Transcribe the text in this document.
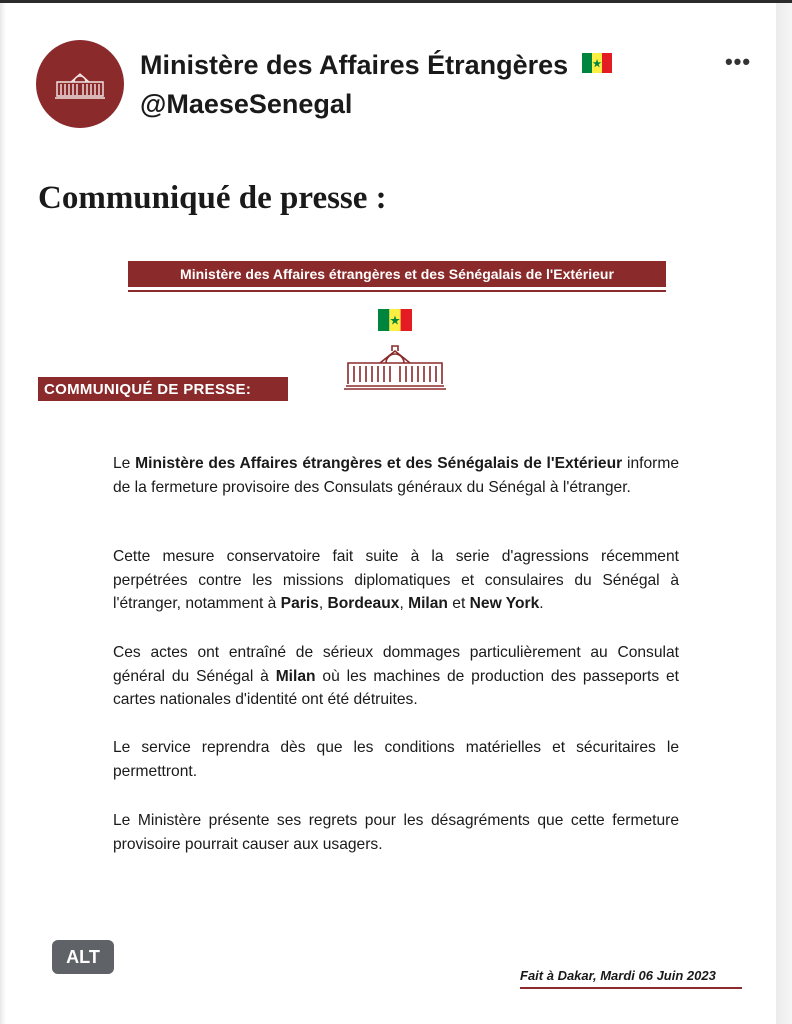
Ministère des Affaires Étrangères
@MaeseSenegal
•••
Communiqué de presse :
Ministère des Affaires étrangères et des Sénégalais de l'Extérieur
COMMUNIQUÉ DE PRESSE:
Le Ministère des Affaires étrangères et des Sénégalais de l'Extérieur informe de la fermeture provisoire des Consulats généraux du Sénégal à l'étranger.
Cette mesure conservatoire fait suite à la serie d'agressions récemment perpétrées contre les missions diplomatiques et consulaires du Sénégal à l'étranger, notamment à Paris, Bordeaux, Milan et New York.
Ces actes ont entraîné de sérieux dommages particulièrement au Consulat général du Sénégal à Milan où les machines de production des passeports et cartes nationales d'identité ont été détruites.
Le service reprendra dès que les conditions matérielles et sécuritaires le permettront.
Le Ministère présente ses regrets pour les désagréments que cette fermeture provisoire pourrait causer aux usagers.
ALT
Fait à Dakar, Mardi 06 Juin 2023
